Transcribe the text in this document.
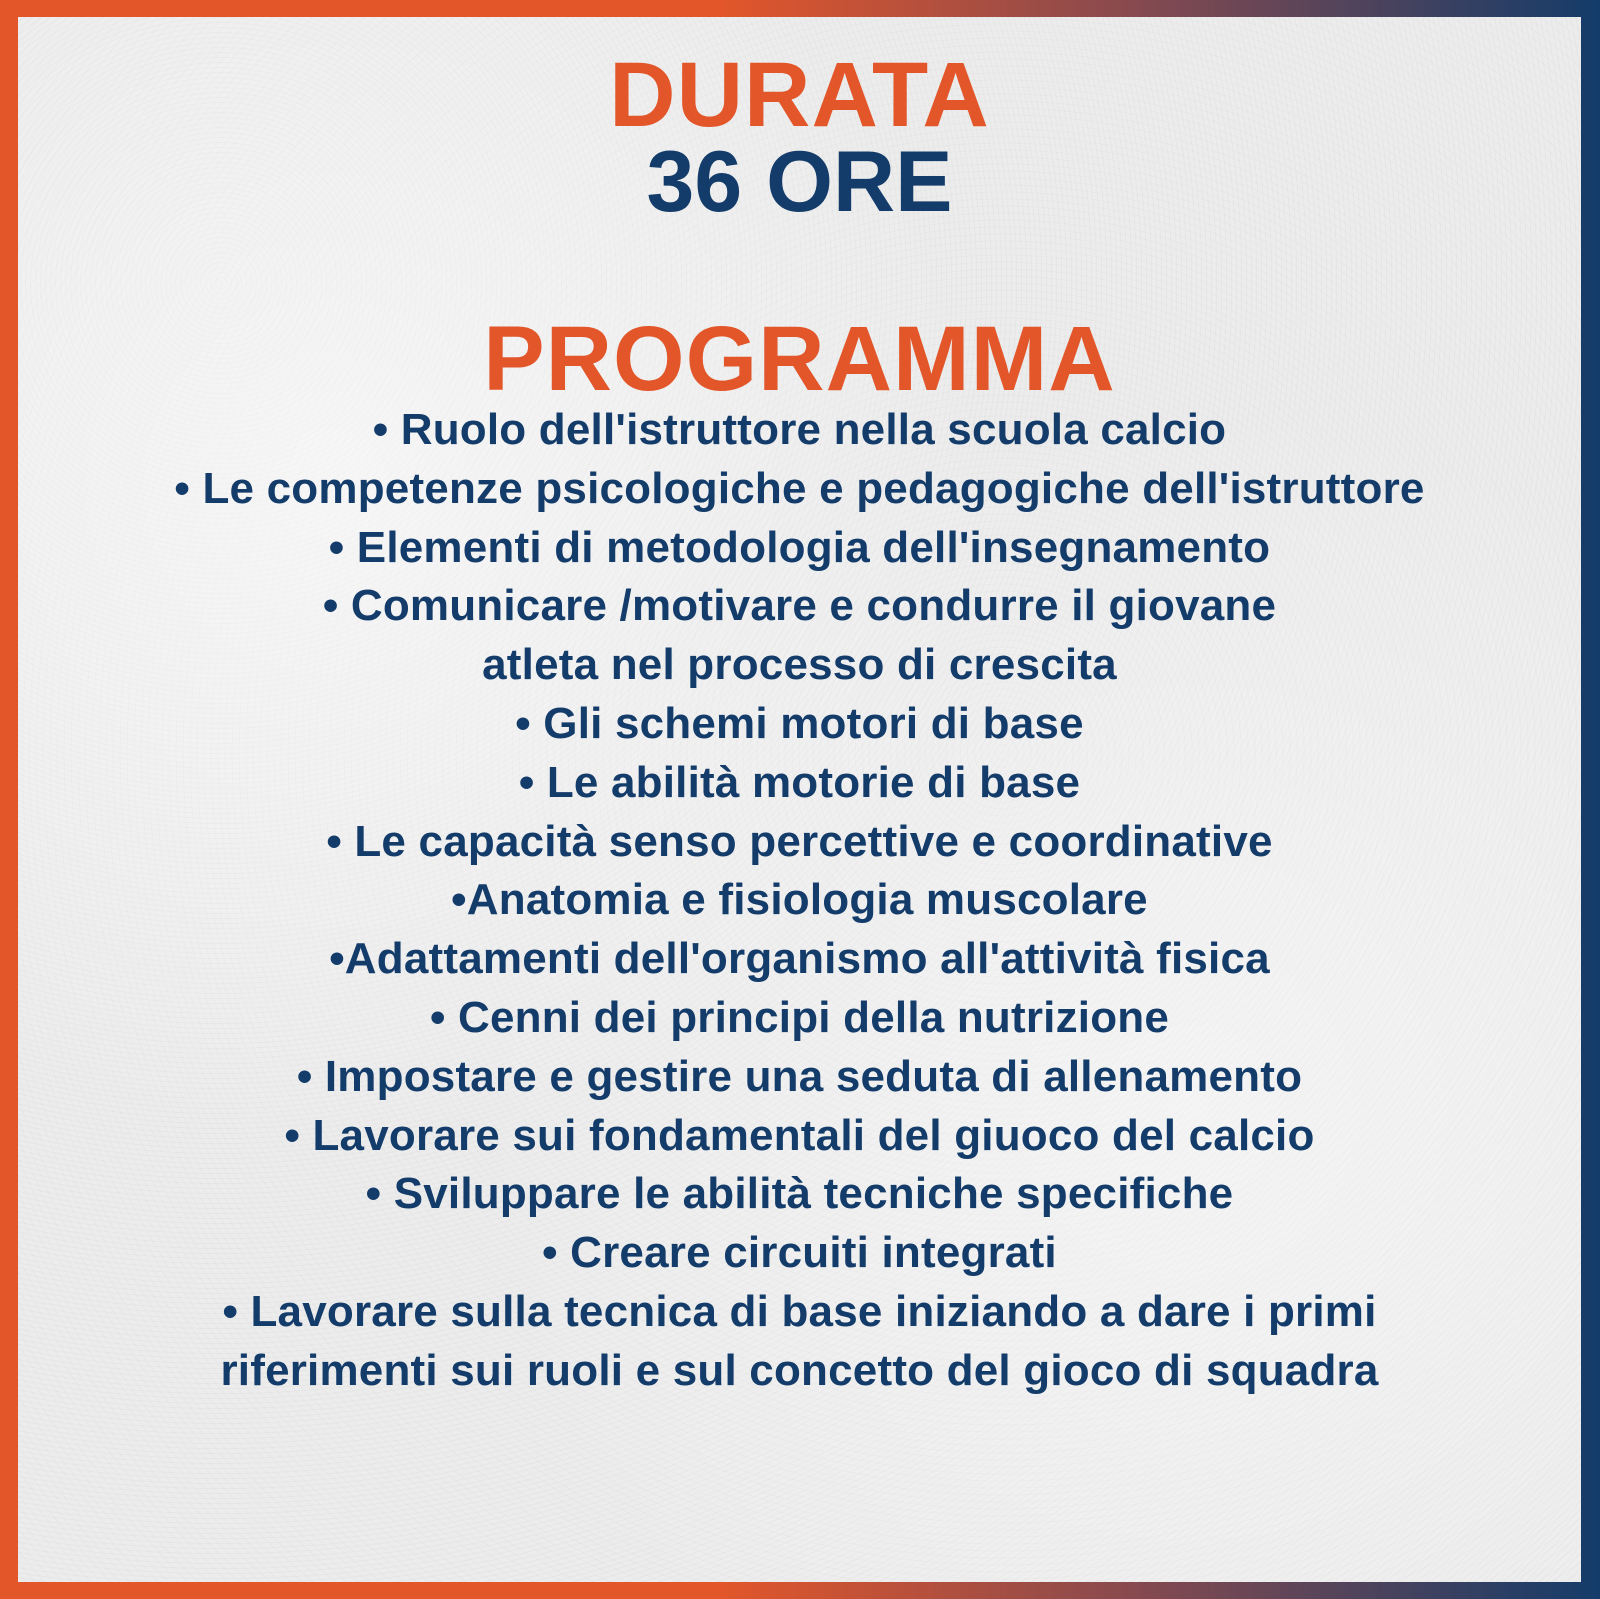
DURATA
36 ORE
PROGRAMMA
• Ruolo dell'istruttore nella scuola calcio
• Le competenze psicologiche e pedagogiche dell'istruttore
• Elementi di metodologia dell'insegnamento
• Comunicare /motivare e condurre il giovane
atleta nel processo di crescita
• Gli schemi motori di base
• Le abilità motorie di base
• Le capacità senso percettive e coordinative
•Anatomia e fisiologia muscolare
•Adattamenti dell'organismo all'attività fisica
• Cenni dei principi della nutrizione
• Impostare e gestire una seduta di allenamento
• Lavorare sui fondamentali del giuoco del calcio
• Sviluppare le abilità tecniche specifiche
• Creare circuiti integrati
• Lavorare sulla tecnica di base iniziando a dare i primi
riferimenti sui ruoli e sul concetto del gioco di squadra
